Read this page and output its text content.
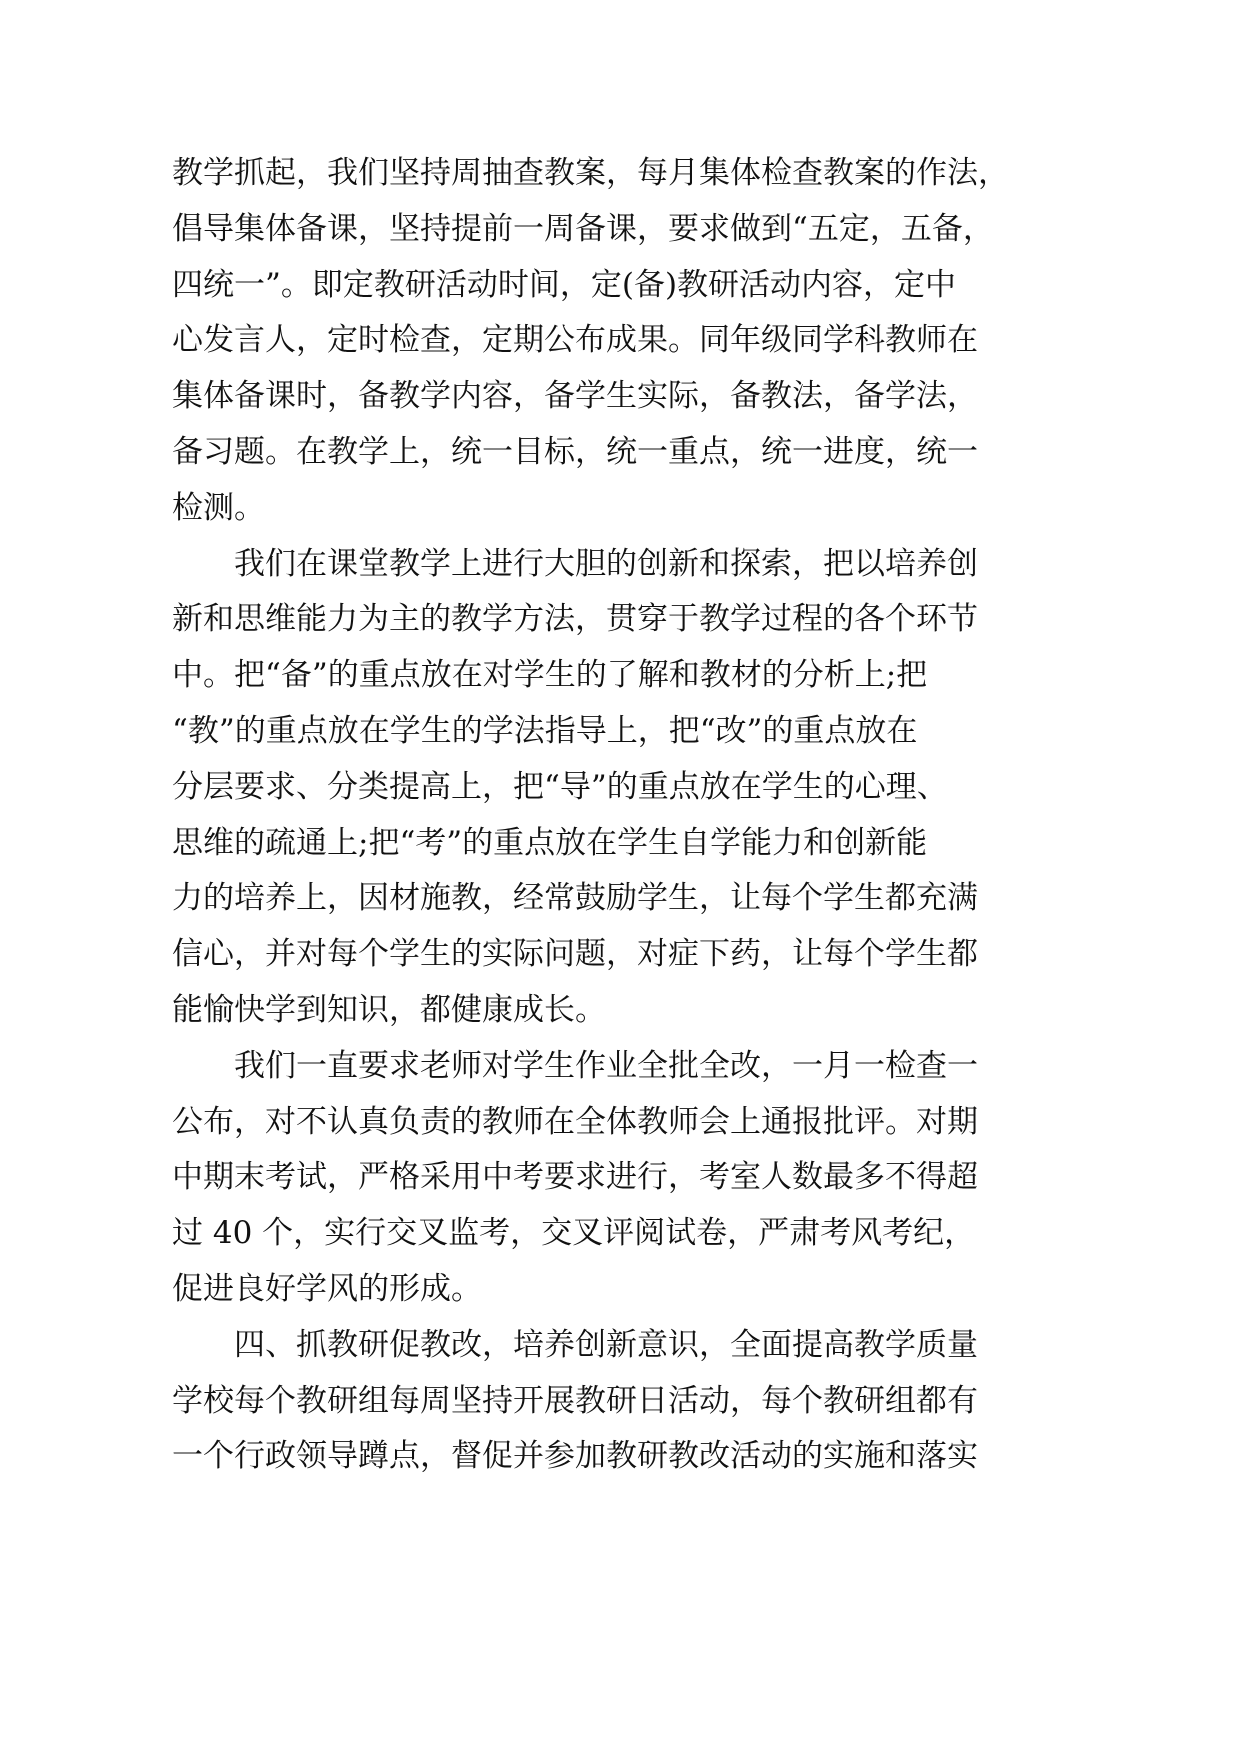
教学抓起，我们坚持周抽查教案，每月集体检查教案的作法，
倡导集体备课，坚持提前一周备课，要求做到“五定，五备，
四统一”。即定教研活动时间，定(备)教研活动内容，定中
心发言人，定时检查，定期公布成果。同年级同学科教师在
集体备课时，备教学内容，备学生实际，备教法，备学法，
备习题。在教学上，统一目标，统一重点，统一进度，统一
检测。
　　我们在课堂教学上进行大胆的创新和探索，把以培养创
新和思维能力为主的教学方法，贯穿于教学过程的各个环节
中。把“备”的重点放在对学生的了解和教材的分析上;把
“教”的重点放在学生的学法指导上，把“改”的重点放在
分层要求、分类提高上，把“导”的重点放在学生的心理、
思维的疏通上;把“考”的重点放在学生自学能力和创新能
力的培养上，因材施教，经常鼓励学生，让每个学生都充满
信心，并对每个学生的实际问题，对症下药，让每个学生都
能愉快学到知识，都健康成长。
　　我们一直要求老师对学生作业全批全改，一月一检查一
公布，对不认真负责的教师在全体教师会上通报批评。对期
中期末考试，严格采用中考要求进行，考室人数最多不得超
过 40 个，实行交叉监考，交叉评阅试卷，严肃考风考纪，
促进良好学风的形成。
　　四、抓教研促教改，培养创新意识，全面提高教学质量
学校每个教研组每周坚持开展教研日活动，每个教研组都有
一个行政领导蹲点，督促并参加教研教改活动的实施和落实
